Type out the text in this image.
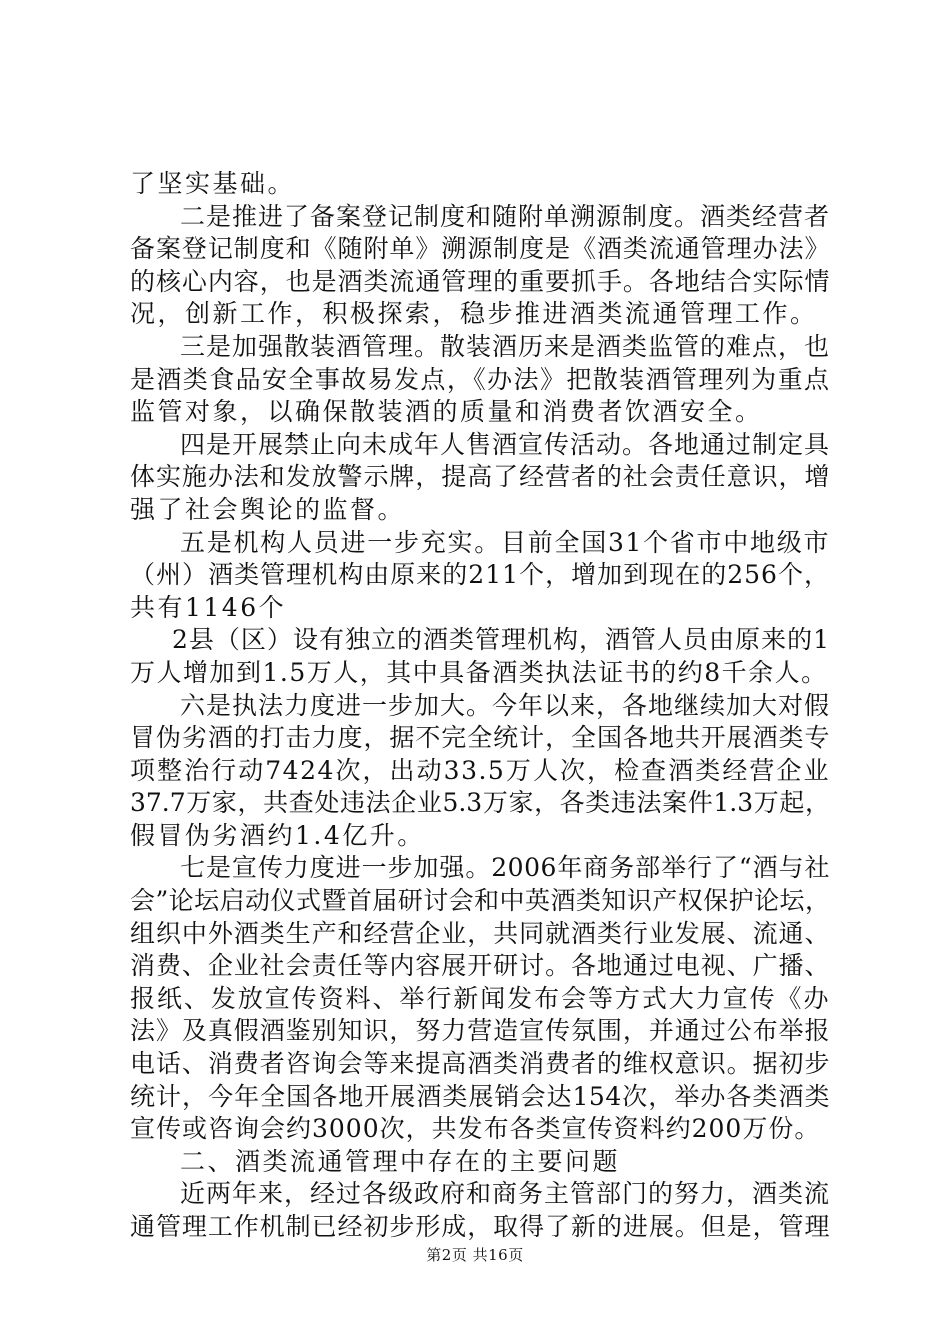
了坚实基础。
二是推进了备案登记制度和随附单溯源制度。酒类经营者
备案登记制度和《随附单》溯源制度是《酒类流通管理办法》
的核心内容，也是酒类流通管理的重要抓手。各地结合实际情
况，创新工作，积极探索，稳步推进酒类流通管理工作。
三是加强散装酒管理。散装酒历来是酒类监管的难点，也
是酒类食品安全事故易发点，《办法》把散装酒管理列为重点
监管对象，以确保散装酒的质量和消费者饮酒安全。
四是开展禁止向未成年人售酒宣传活动。各地通过制定具
体实施办法和发放警示牌，提高了经营者的社会责任意识，增
强了社会舆论的监督。
五是机构人员进一步充实。目前全国31个省市中地级市
（州）酒类管理机构由原来的211个，增加到现在的256个，
共有1146个
2县（区）设有独立的酒类管理机构，酒管人员由原来的1
万人增加到1.5万人，其中具备酒类执法证书的约8千余人。
六是执法力度进一步加大。今年以来，各地继续加大对假
冒伪劣酒的打击力度，据不完全统计，全国各地共开展酒类专
项整治行动7424次，出动33.5万人次，检查酒类经营企业
37.7万家，共查处违法企业5.3万家，各类违法案件1.3万起，
假冒伪劣酒约1.4亿升。
七是宣传力度进一步加强。2006年商务部举行了“酒与社
会”论坛启动仪式暨首届研讨会和中英酒类知识产权保护论坛，
组织中外酒类生产和经营企业，共同就酒类行业发展、流通、
消费、企业社会责任等内容展开研讨。各地通过电视、广播、
报纸、发放宣传资料、举行新闻发布会等方式大力宣传《办
法》及真假酒鉴别知识，努力营造宣传氛围，并通过公布举报
电话、消费者咨询会等来提高酒类消费者的维权意识。据初步
统计，今年全国各地开展酒类展销会达154次，举办各类酒类
宣传或咨询会约3000次，共发布各类宣传资料约200万份。
二、酒类流通管理中存在的主要问题
近两年来，经过各级政府和商务主管部门的努力，酒类流
通管理工作机制已经初步形成，取得了新的进展。但是，管理
第2页 共16页
